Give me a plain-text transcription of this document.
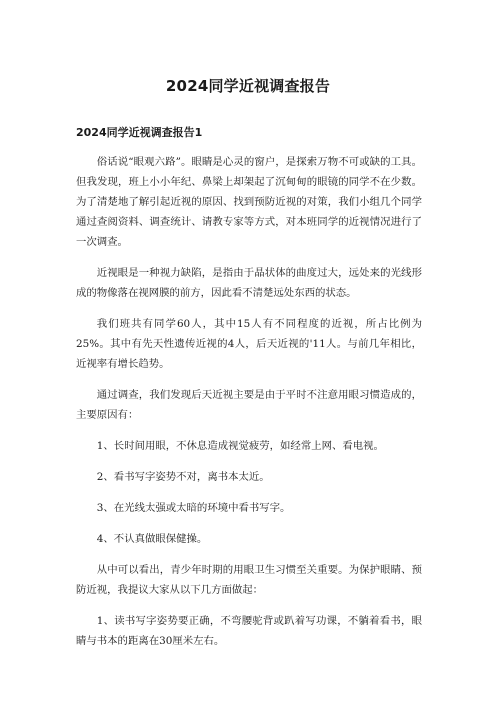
2024同学近视调查报告
2024同学近视调查报告1

俗话说“眼观六路”。眼睛是心灵的窗户，是探索万物不可或缺的工具。但我发现，班上小小年纪、鼻梁上却架起了沉甸甸的眼镜的同学不在少数。为了清楚地了解引起近视的原因、找到预防近视的对策，我们小组几个同学通过查阅资料、调查统计、请教专家等方式，对本班同学的近视情况进行了一次调查。

近视眼是一种视力缺陷，是指由于晶状体的曲度过大，远处来的光线形成的物像落在视网膜的前方，因此看不清楚远处东西的状态。

我们班共有同学60人，其中15人有不同程度的近视，所占比例为25%。其中有先天性遗传近视的4人，后天近视的'11人。与前几年相比，近视率有增长趋势。

通过调查，我们发现后天近视主要是由于平时不注意用眼习惯造成的，主要原因有：

1、长时间用眼，不休息造成视觉疲劳，如经常上网、看电视。

2、看书写字姿势不对，离书本太近。

3、在光线太强或太暗的环境中看书写字。

4、不认真做眼保健操。

从中可以看出，青少年时期的用眼卫生习惯至关重要。为保护眼睛、预防近视，我提议大家从以下几方面做起：

1、读书写字姿势要正确，不弯腰驼背或趴着写功课，不躺着看书，眼睛与书本的距离在30厘米左右。
